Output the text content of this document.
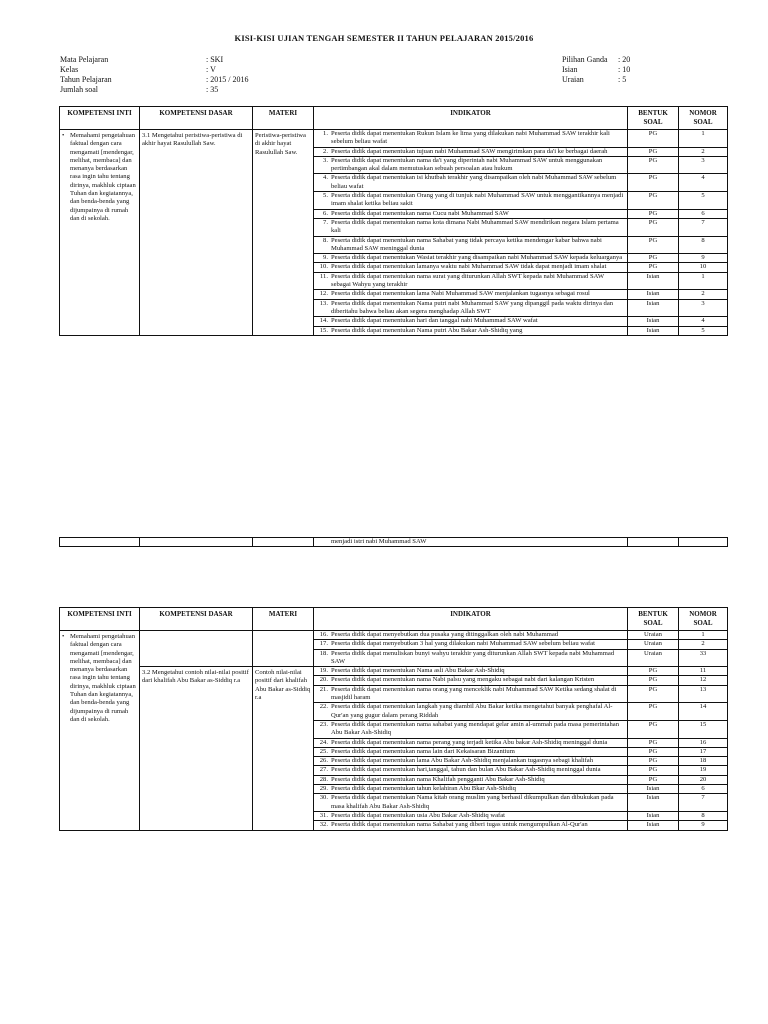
KISI-KISI UJIAN TENGAH SEMESTER II TAHUN PELAJARAN 2015/2016
Mata Pelajaran	: SKI
Kelas	: V
Tahun Pelajaran	: 2015 / 2016
Jumlah soal	: 35
Pilihan Ganda	: 20
Isian	: 10
Uraian	: 5
KOMPETENSI INTI	KOMPETENSI DASAR	MATERI	INDIKATOR	BENTUK SOAL	NOMOR SOAL

• Memahami pengetahuan faktual dengan cara mengamati [mendengar, melihat, membaca] dan menanya berdasarkan rasa ingin tahu tentang dirinya, makhluk ciptaan Tuhan dan kegiatannya, dan benda-benda yang dijumpainya di rumah dan di sekolah.	3.1 Mengetahui peristiwa-peristiwa di akhir hayat Rasulullah Saw.	Peristiwa-peristiwa di akhir hayat Rasulullah Saw.	1. Peserta didik dapat menentukan Rukun Islam ke lima yang dilakukan nabi Muhammad SAW terakhir kali sebelum beliau wafat	PG	1

			2. Peserta didik dapat menentukan tujuan nabi Muhammad SAW mengirimkan para da'i ke berbagai daerah	PG	2

			3. Peserta didik dapat menentukan nama da'i yang diperintah nabi Muhammad SAW untuk menggunakan pertimbangan akal dalam memutuskan sebuah persoalan atau hukum	PG	3

			4. Peserta didik dapat menentukan isi khutbah terakhir yang disampaikan oleh nabi Muhammad SAW sebelum beliau wafat	PG	4

			5. Peserta didik dapat menentukan Orang yang di tunjuk nabi Muhammad SAW untuk menggantikannya menjadi imam shalat ketika beliau sakit	PG	5

			6. Peserta didik dapat menentukan nama Cucu nabi Muhammad SAW	PG	6

			7. Peserta didik dapat menentukan nama kota dimana Nabi Muhammad SAW mendirikan negara Islam pertama kali	PG	7

			8. Peserta didik dapat menentukan nama Sahabat yang tidak percaya ketika mendengar kabar bahwa nabi Muhammad SAW meninggal dunia	PG	8

			9. Peserta didik dapat menentukan Wasiat terakhir yang disampaikan nabi Muhammad SAW kepada keluarganya	PG	9

			10. Peserta didik dapat menentukan lamanya waktu nabi Muhammad SAW tidak dapat menjadi imam shalat	PG	10

			11. Peserta didik dapat menentukan nama surat yang diturunkan Allah SWT kepada nabi Muhammad SAW sebagai Wahyu yang terakhir	Isian	1

			12. Peserta didik dapat menentukan lama Nabi Muhammad SAW menjalankan tugasnya sebagai rosul	Isian	2

			13. Peserta didik dapat menentukan Nama putri nabi Muhammad SAW yang dipanggil pada waktu dirinya dan diberitahu bahwa beliau akan segera menghadap Allah SWT	Isian	3

			14. Peserta didik dapat menentukan hari dan tanggal nabi Muhammad SAW wafat	Isian	4

			15. Peserta didik dapat menentukan Nama putri Abu Bakar Ash-Shidiq yang	Isian	5
			menjadi istri nabi Muhammad SAW		
KOMPETENSI INTI	KOMPETENSI DASAR	MATERI	INDIKATOR	BENTUK SOAL	NOMOR SOAL

• Memahami pengetahuan faktual dengan cara mengamati [mendengar, melihat, membaca] dan menanya berdasarkan rasa ingin tahu tentang dirinya, makhluk ciptaan Tuhan dan kegiatannya, dan benda-benda yang dijumpainya di rumah dan di sekolah.			16. Peserta didik dapat menyebutkan dua pusaka yang ditinggalkan oleh nabi Muhammad	Uraian	1

			17. Peserta didik dapat menyebutkan 3 hal yang dilakukan nabi Muhammad SAW sebelum beliau wafat	Uraian	2

			18. Peserta didik dapat menuliskan bunyi wahyu terakhir yang diturunkan Allah SWT kepada nabi Muhammad SAW	Uraian	33

	3.2 Mengetahui contoh nilai-nilai positif dari khalifah Abu Bakar as-Siddiq r.a	Contoh nilai-nilai positif dari khalifah Abu Bakar as-Siddiq r.a	19. Peserta didik dapat menentukan Nama asli Abu Bakar Ash-Shidiq	PG	11

			20. Peserta didik dapat menentukan nama Nabi palsu yang mengaku sebagai nabi dari kalangan Kristen	PG	12

			21. Peserta didik dapat menentukan nama orang yang menceklik nabi Muhammad SAW Ketika sedang shalat di masjidil haram	PG	13

			22. Peserta didik dapat menentukan langkah yang diambil Abu Bakar ketika mengetahui banyak penghafal Al-Qur'an yang gugur dalam perang Riddah	PG	14

			23. Peserta didik dapat menentukan nama sahabat yang mendapat gelar amin al-ummah pada masa pemerintahan Abu Bakar Ash-Shidiq	PG	15

			24. Peserta didik dapat menentukan nama perang yang terjadi ketika Abu bakar Ash-Shidiq meninggal dunia	PG	16

			25. Peserta didik dapat menentukan nama lain dari Kekaisaran Bizantium	PG	17

			26. Peserta didik dapat menentukan lama Abu Bakar Ash-Shidiq menjalankan tugasnya sebagi khalifah	PG	18

			27. Peserta didik dapat menentukan hari,tanggal, tahun dan bulan Abu Bakar Ash-Shidiq meninggal dunia	PG	19

			28. Peserta didik dapat menentukan nama Khalifah pengganti Abu Bakar Ash-Shidiq	PG	20

			29. Peserta didik dapat menentukan tahun kelahiran Abu Bkar Ash-Shidiq	Isian	6

			30. Peserta didik dapat menentukan Nama kitab orang muslim yang berhasil dikumpulkan dan dibukukan pada masa khalifah Abu Bakar Ash-Shidiq	Isian	7

			31. Peserta didik dapat menentukan usia Abu Bakar Ash-Shidiq wafat	Isian	8

			32. Peserta didik dapat menentukan nama Sahabat yang diberi tugas untuk mengumpulkan Al-Qur'an	Isian	9
